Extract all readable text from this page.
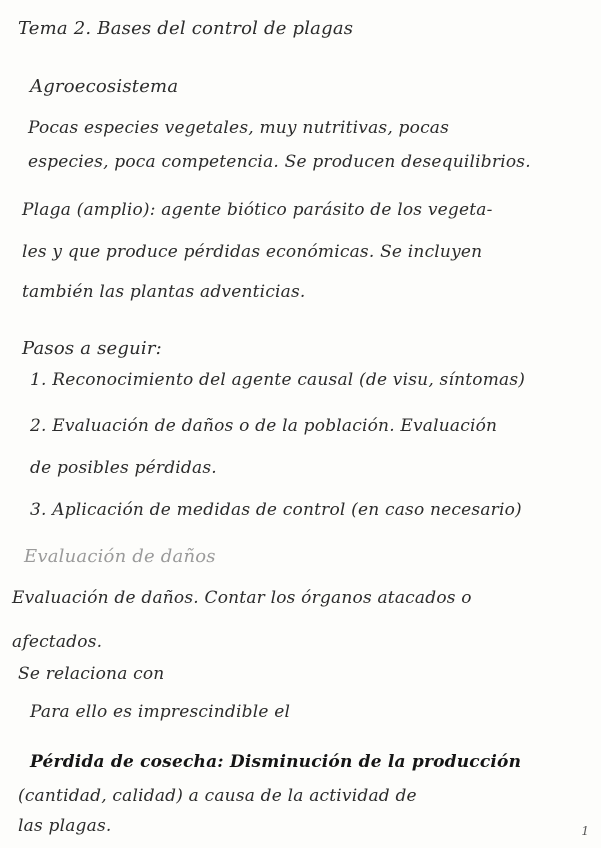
Tema 2. Bases del control de plagas
Agroecosistema
Pocas especies vegetales, muy nutritivas, pocas
especies, poca competencia. Se producen desequilibrios.
Plaga (amplio): agente biótico parásito de los vegeta-
les y que produce pérdidas económicas. Se incluyen
también las plantas adventicias.
Pasos a seguir:
1. Reconocimiento del agente causal (de visu, síntomas)
2. Evaluación de daños o de la población. Evaluación
de posibles pérdidas.
3. Aplicación de medidas de control (en caso necesario)
Evaluación de daños
Evaluación de daños. Contar los órganos atacados o
afectados.
Se relaciona con
Para ello es imprescindible el
Pérdida de cosecha: Disminución de la producción
(cantidad, calidad) a causa de la actividad de
las plagas.	1
